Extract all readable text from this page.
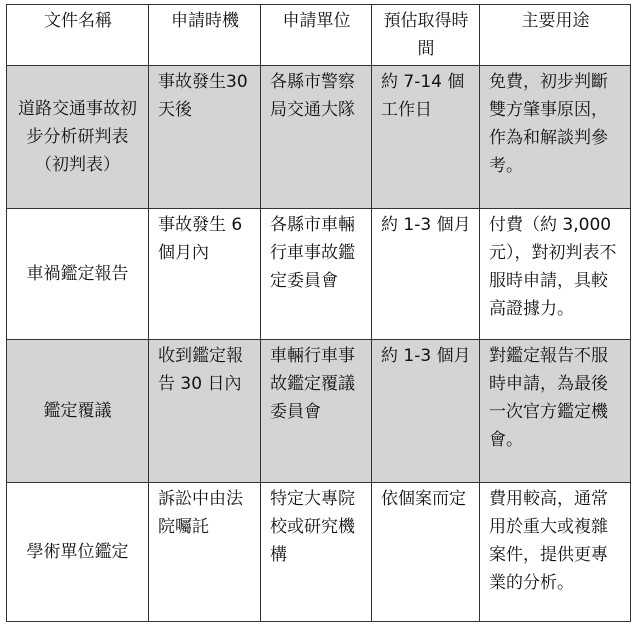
文件名稱	申請時機	申請單位	預估取得時間	主要用途
道路交通事故初步分析研判表（初判表）	事故發生30 天後	各縣市警察局交通大隊	約 7-14 個工作日	免費，初步判斷雙方肇事原因，作為和解談判參考。
車禍鑑定報告	事故發生 6個月內	各縣市車輛行車事故鑑定委員會	約 1-3 個月	付費（約 3,000元），對初判表不服時申請，具較高證據力。
鑑定覆議	收到鑑定報告 30 日內	車輛行車事故鑑定覆議委員會	約 1-3 個月	對鑑定報告不服時申請，為最後一次官方鑑定機會。
學術單位鑑定	訴訟中由法院囑託	特定大專院校或研究機構	依個案而定	費用較高，通常用於重大或複雜案件，提供更專業的分析。
